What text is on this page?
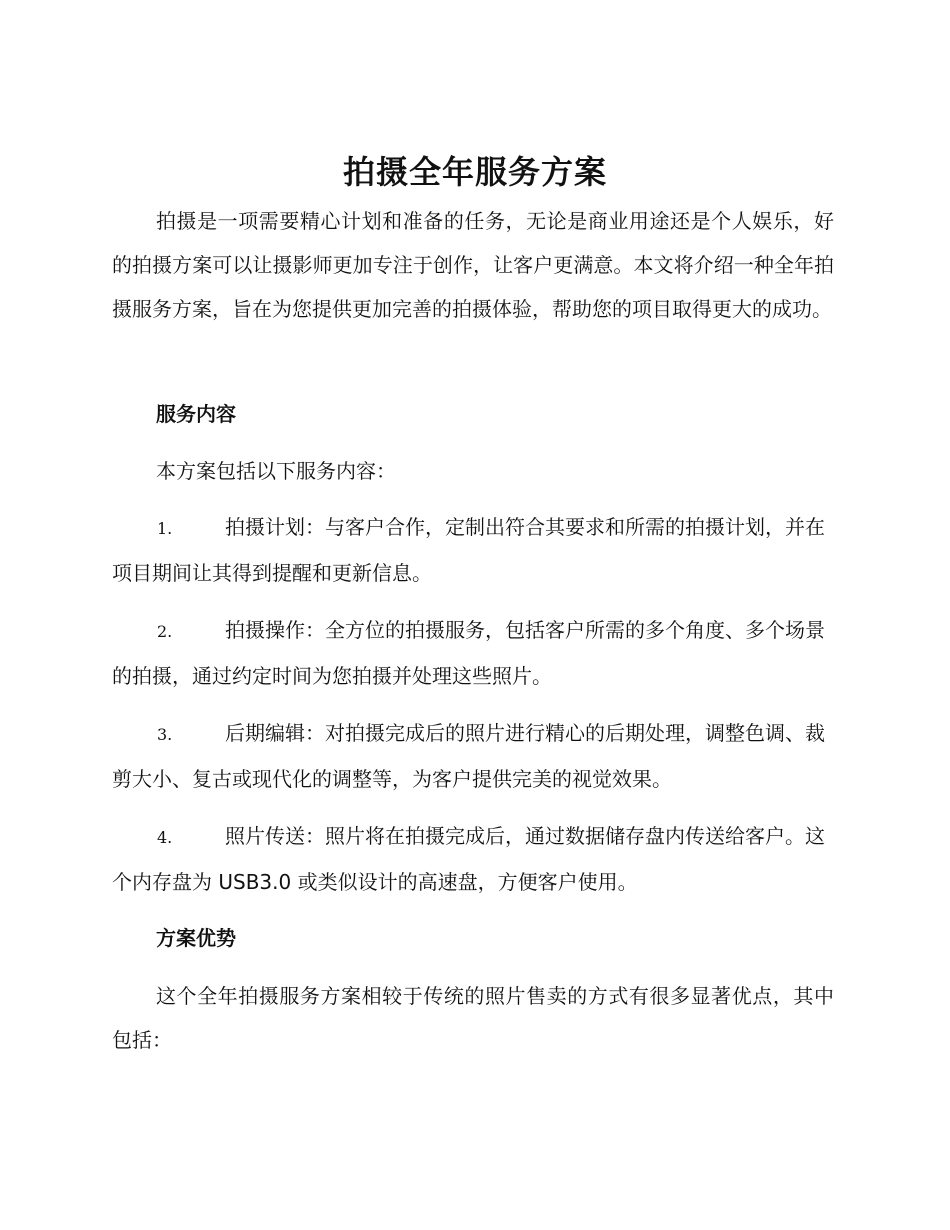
拍摄全年服务方案

拍摄是一项需要精心计划和准备的任务，无论是商业用途还是个人娱乐，好的拍摄方案可以让摄影师更加专注于创作，让客户更满意。本文将介绍一种全年拍摄服务方案，旨在为您提供更加完善的拍摄体验，帮助您的项目取得更大的成功。

服务内容

本方案包括以下服务内容：

1.	拍摄计划：与客户合作，定制出符合其要求和所需的拍摄计划，并在项目期间让其得到提醒和更新信息。

2.	拍摄操作：全方位的拍摄服务，包括客户所需的多个角度、多个场景的拍摄，通过约定时间为您拍摄并处理这些照片。

3.	后期编辑：对拍摄完成后的照片进行精心的后期处理，调整色调、裁剪大小、复古或现代化的调整等，为客户提供完美的视觉效果。

4.	照片传送：照片将在拍摄完成后，通过数据储存盘内传送给客户。这个内存盘为 USB3.0 或类似设计的高速盘，方便客户使用。

方案优势

这个全年拍摄服务方案相较于传统的照片售卖的方式有很多显著优点，其中包括：
